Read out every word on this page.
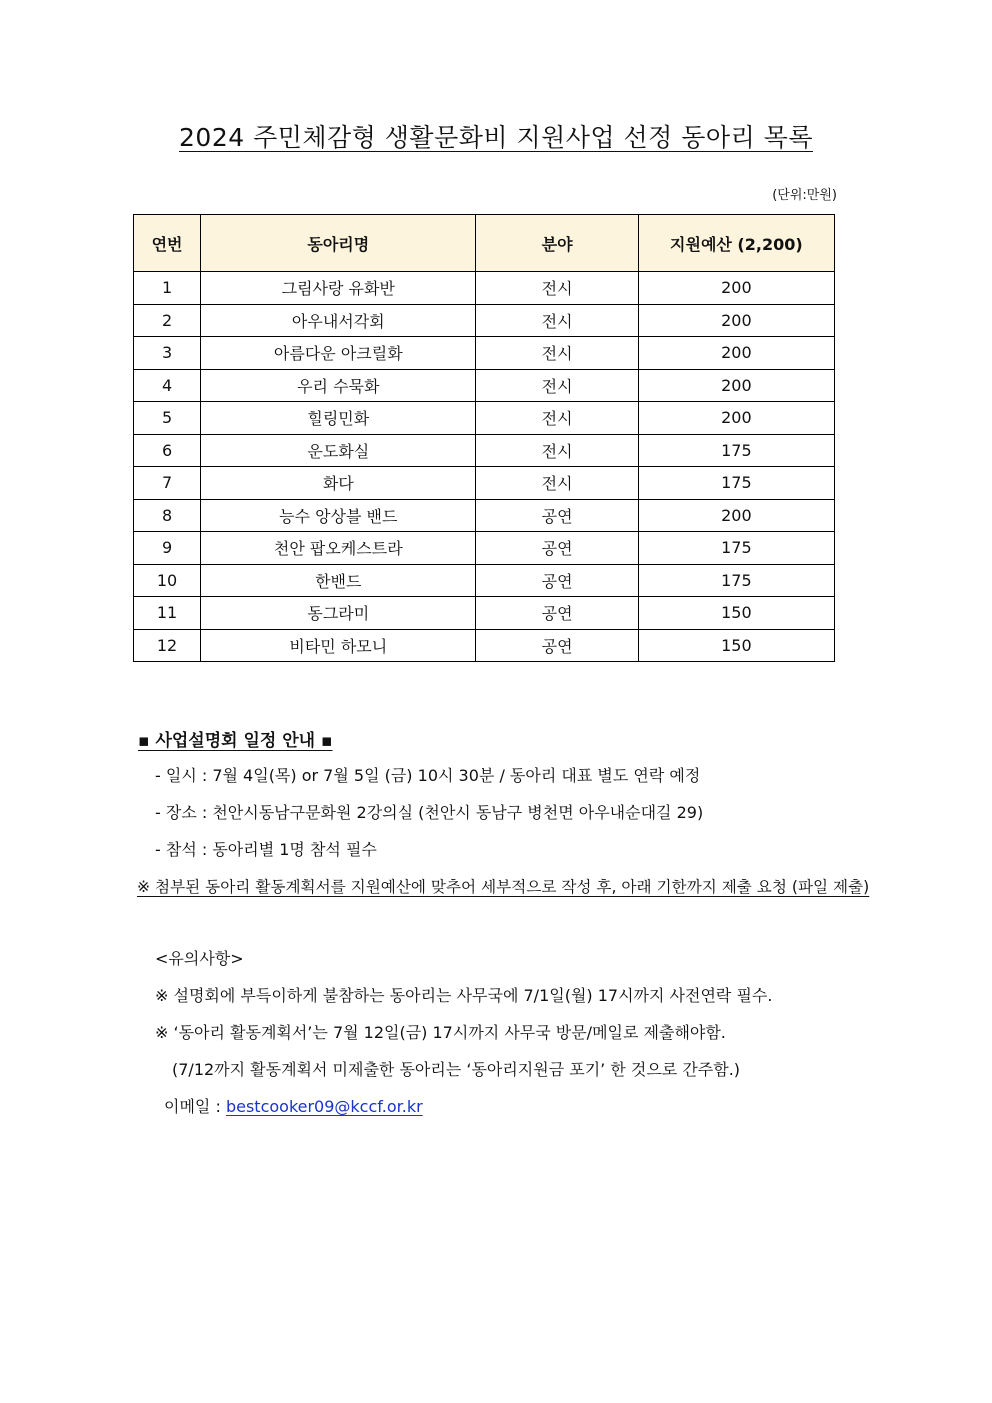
2024 주민체감형 생활문화비 지원사업 선정 동아리 목록
(단위:만원)
연번	동아리명	분야	지원예산 (2,200)
1	그림사랑 유화반	전시	200
2	아우내서각회	전시	200
3	아름다운 아크릴화	전시	200
4	우리 수묵화	전시	200
5	힐링민화	전시	200
6	운도화실	전시	175
7	화다	전시	175
8	능수 앙상블 밴드	공연	200
9	천안 팝오케스트라	공연	175
10	한밴드	공연	175
11	동그라미	공연	150
12	비타민 하모니	공연	150
▪ 사업설명회 일정 안내 ▪
- 일시 : 7월 4일(목) or 7월 5일 (금) 10시 30분 / 동아리 대표 별도 연락 예정
- 장소 : 천안시동남구문화원 2강의실 (천안시 동남구 병천면 아우내순대길 29)
- 참석 : 동아리별 1명 참석 필수
※ 첨부된 동아리 활동계획서를 지원예산에 맞추어 세부적으로 작성 후, 아래 기한까지 제출 요청 (파일 제출)
<유의사항>
※ 설명회에 부득이하게 불참하는 동아리는 사무국에 7/1일(월) 17시까지 사전연락 필수.
※ ‘동아리 활동계획서’는 7월 12일(금) 17시까지 사무국 방문/메일로 제출해야함.
(7/12까지 활동계획서 미제출한 동아리는 ‘동아리지원금 포기’ 한 것으로 간주함.)
이메일 : bestcooker09@kccf.or.kr
